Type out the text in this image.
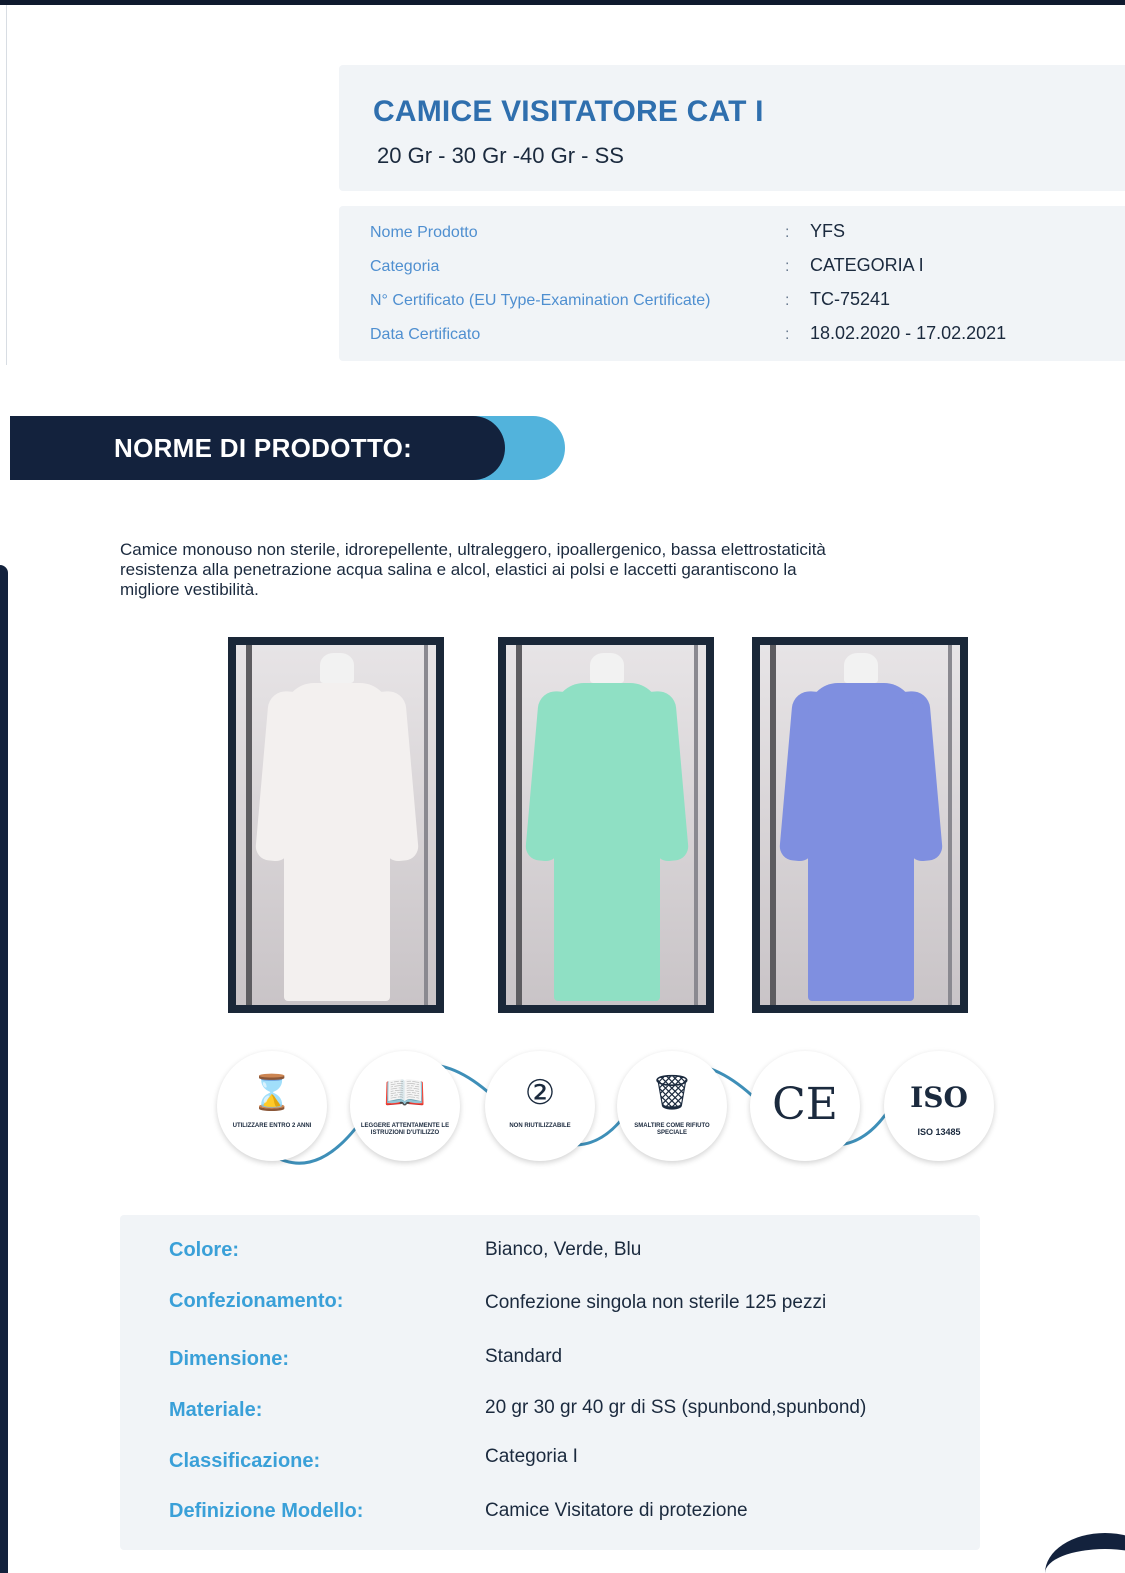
CAMICE VISITATORE CAT I
20 Gr - 30 Gr -40 Gr - SS
Nome Prodotto	: YFS
Categoria	: CATEGORIA I
N° Certificato (EU Type-Examination Certificate)	: TC-75241
Data Certificato	: 18.02.2020 - 17.02.2021
NORME DI PRODOTTO:

Camice monouso non sterile, idrorepellente, ultraleggero, ipoallergenico, bassa elettrostaticità resistenza alla penetrazione acqua salina e alcol, elastici ai polsi e laccetti garantiscono la migliore vestibilità.

⌛
UTILIZZARE ENTRO 2 ANNI
📖
LEGGERE ATTENTAMENTE LE ISTRUZIONI D'UTILIZZO
②
NON RIUTILIZZABILE
🗑
SMALTIRE COME RIFIUTO SPECIALE
CE	ISO
ISO 13485
Colore:	Bianco, Verde, Blu
Confezionamento:	Confezione singola non sterile 125 pezzi
Dimensione:	Standard
Materiale:	20 gr 30 gr 40 gr di SS (spunbond,spunbond)
Classificazione:	Categoria I
Definizione Modello:	Camice Visitatore di protezione
